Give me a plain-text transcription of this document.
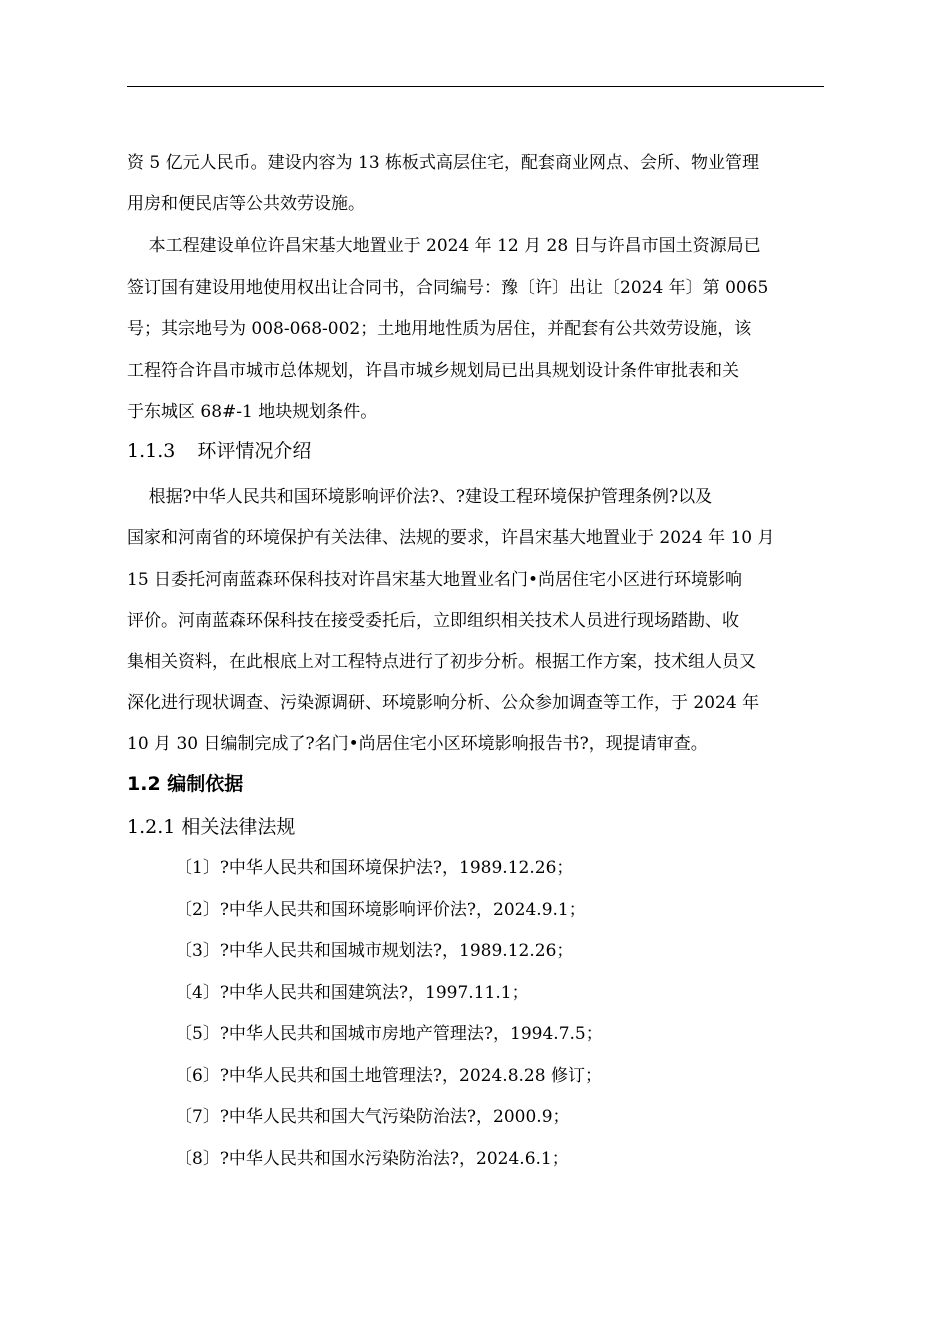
资 5 亿元人民币。建设内容为 13 栋板式高层住宅，配套商业网点、会所、物业管理
用房和便民店等公共效劳设施。
本工程建设单位许昌宋基大地置业于 2024 年 12 月 28 日与许昌市国土资源局已
签订国有建设用地使用权出让合同书，合同编号：豫〔许〕出让〔2024 年〕第 0065
号；其宗地号为 008-068-002；土地用地性质为居住，并配套有公共效劳设施，该
工程符合许昌市城市总体规划，许昌市城乡规划局已出具规划设计条件审批表和关
于东城区 68#-1 地块规划条件。
1.1.3 环评情况介绍
根据?中华人民共和国环境影响评价法?、?建设工程环境保护管理条例?以及
国家和河南省的环境保护有关法律、法规的要求，许昌宋基大地置业于 2024 年 10 月
15 日委托河南蓝森环保科技对许昌宋基大地置业名门•尚居住宅小区进行环境影响
评价。河南蓝森环保科技在接受委托后，立即组织相关技术人员进行现场踏勘、收
集相关资料，在此根底上对工程特点进行了初步分析。根据工作方案，技术组人员又
深化进行现状调查、污染源调研、环境影响分析、公众参加调查等工作，于 2024 年
10 月 30 日编制完成了?名门•尚居住宅小区环境影响报告书?，现提请审查。
1.2 编制依据
1.2.1 相关法律法规
〔1〕?中华人民共和国环境保护法?，1989.12.26；
〔2〕?中华人民共和国环境影响评价法?，2024.9.1；
〔3〕?中华人民共和国城市规划法?，1989.12.26；
〔4〕?中华人民共和国建筑法?，1997.11.1；
〔5〕?中华人民共和国城市房地产管理法?，1994.7.5；
〔6〕?中华人民共和国土地管理法?，2024.8.28 修订；
〔7〕?中华人民共和国大气污染防治法?，2000.9；
〔8〕?中华人民共和国水污染防治法?，2024.6.1；
